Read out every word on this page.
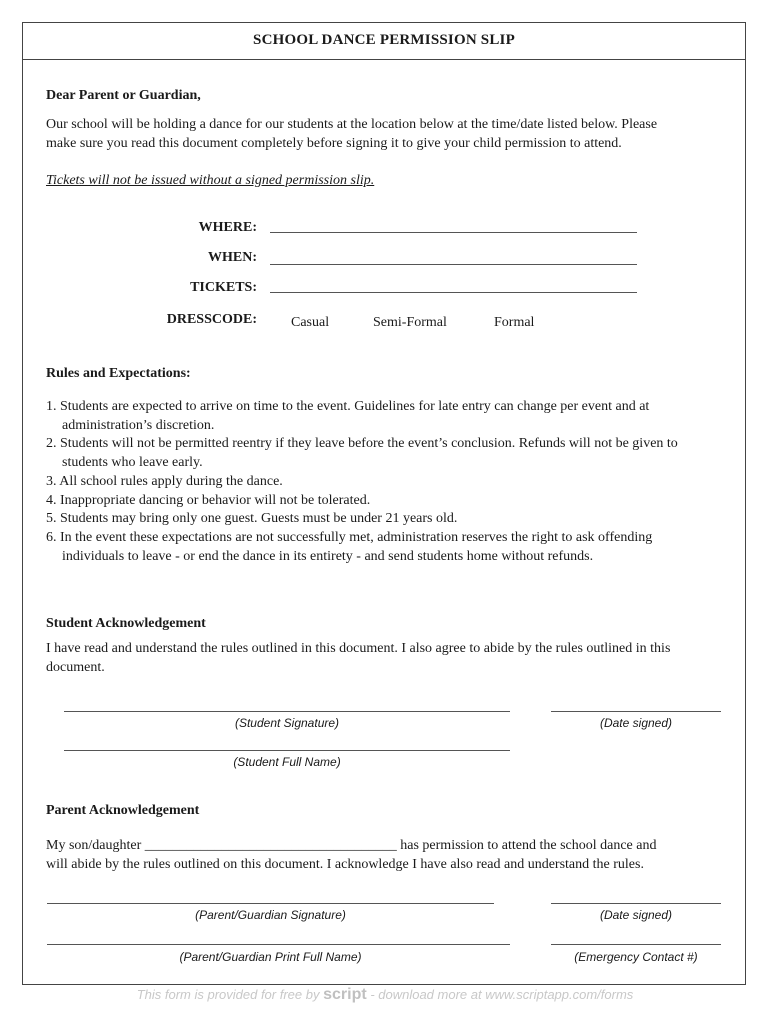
SCHOOL DANCE PERMISSION SLIP
Dear Parent or Guardian,
Our school will be holding a dance for our students at the location below at the time/date listed below. Please
make sure you read this document completely before signing it to give your child permission to attend.
Tickets will not be issued without a signed permission slip.
WHERE:
WHEN:
TICKETS:
DRESSCODE: Casual	Semi-Formal	Formal
Rules and Expectations:
1. Students are expected to arrive on time to the event. Guidelines for late entry can change per event and at administration’s discretion.
2. Students will not be permitted reentry if they leave before the event’s conclusion. Refunds will not be given to students who leave early.
3. All school rules apply during the dance.
4. Inappropriate dancing or behavior will not be tolerated.
5. Students may bring only one guest. Guests must be under 21 years old.
6. In the event these expectations are not successfully met, administration reserves the right to ask offending individuals to leave - or end the dance in its entirety - and send students home without refunds.
Student Acknowledgement
I have read and understand the rules outlined in this document. I also agree to abide by the rules outlined in this
document.
(Student Signature)	(Date signed)
(Student Full Name)
Parent Acknowledgement
My son/daughter ____________________________________ has permission to attend the school dance and
will abide by the rules outlined on this document. I acknowledge I have also read and understand the rules.
(Parent/Guardian Signature)	(Date signed)
(Parent/Guardian Print Full Name)	(Emergency Contact #)
This form is provided for free by script - download more at www.scriptapp.com/forms
